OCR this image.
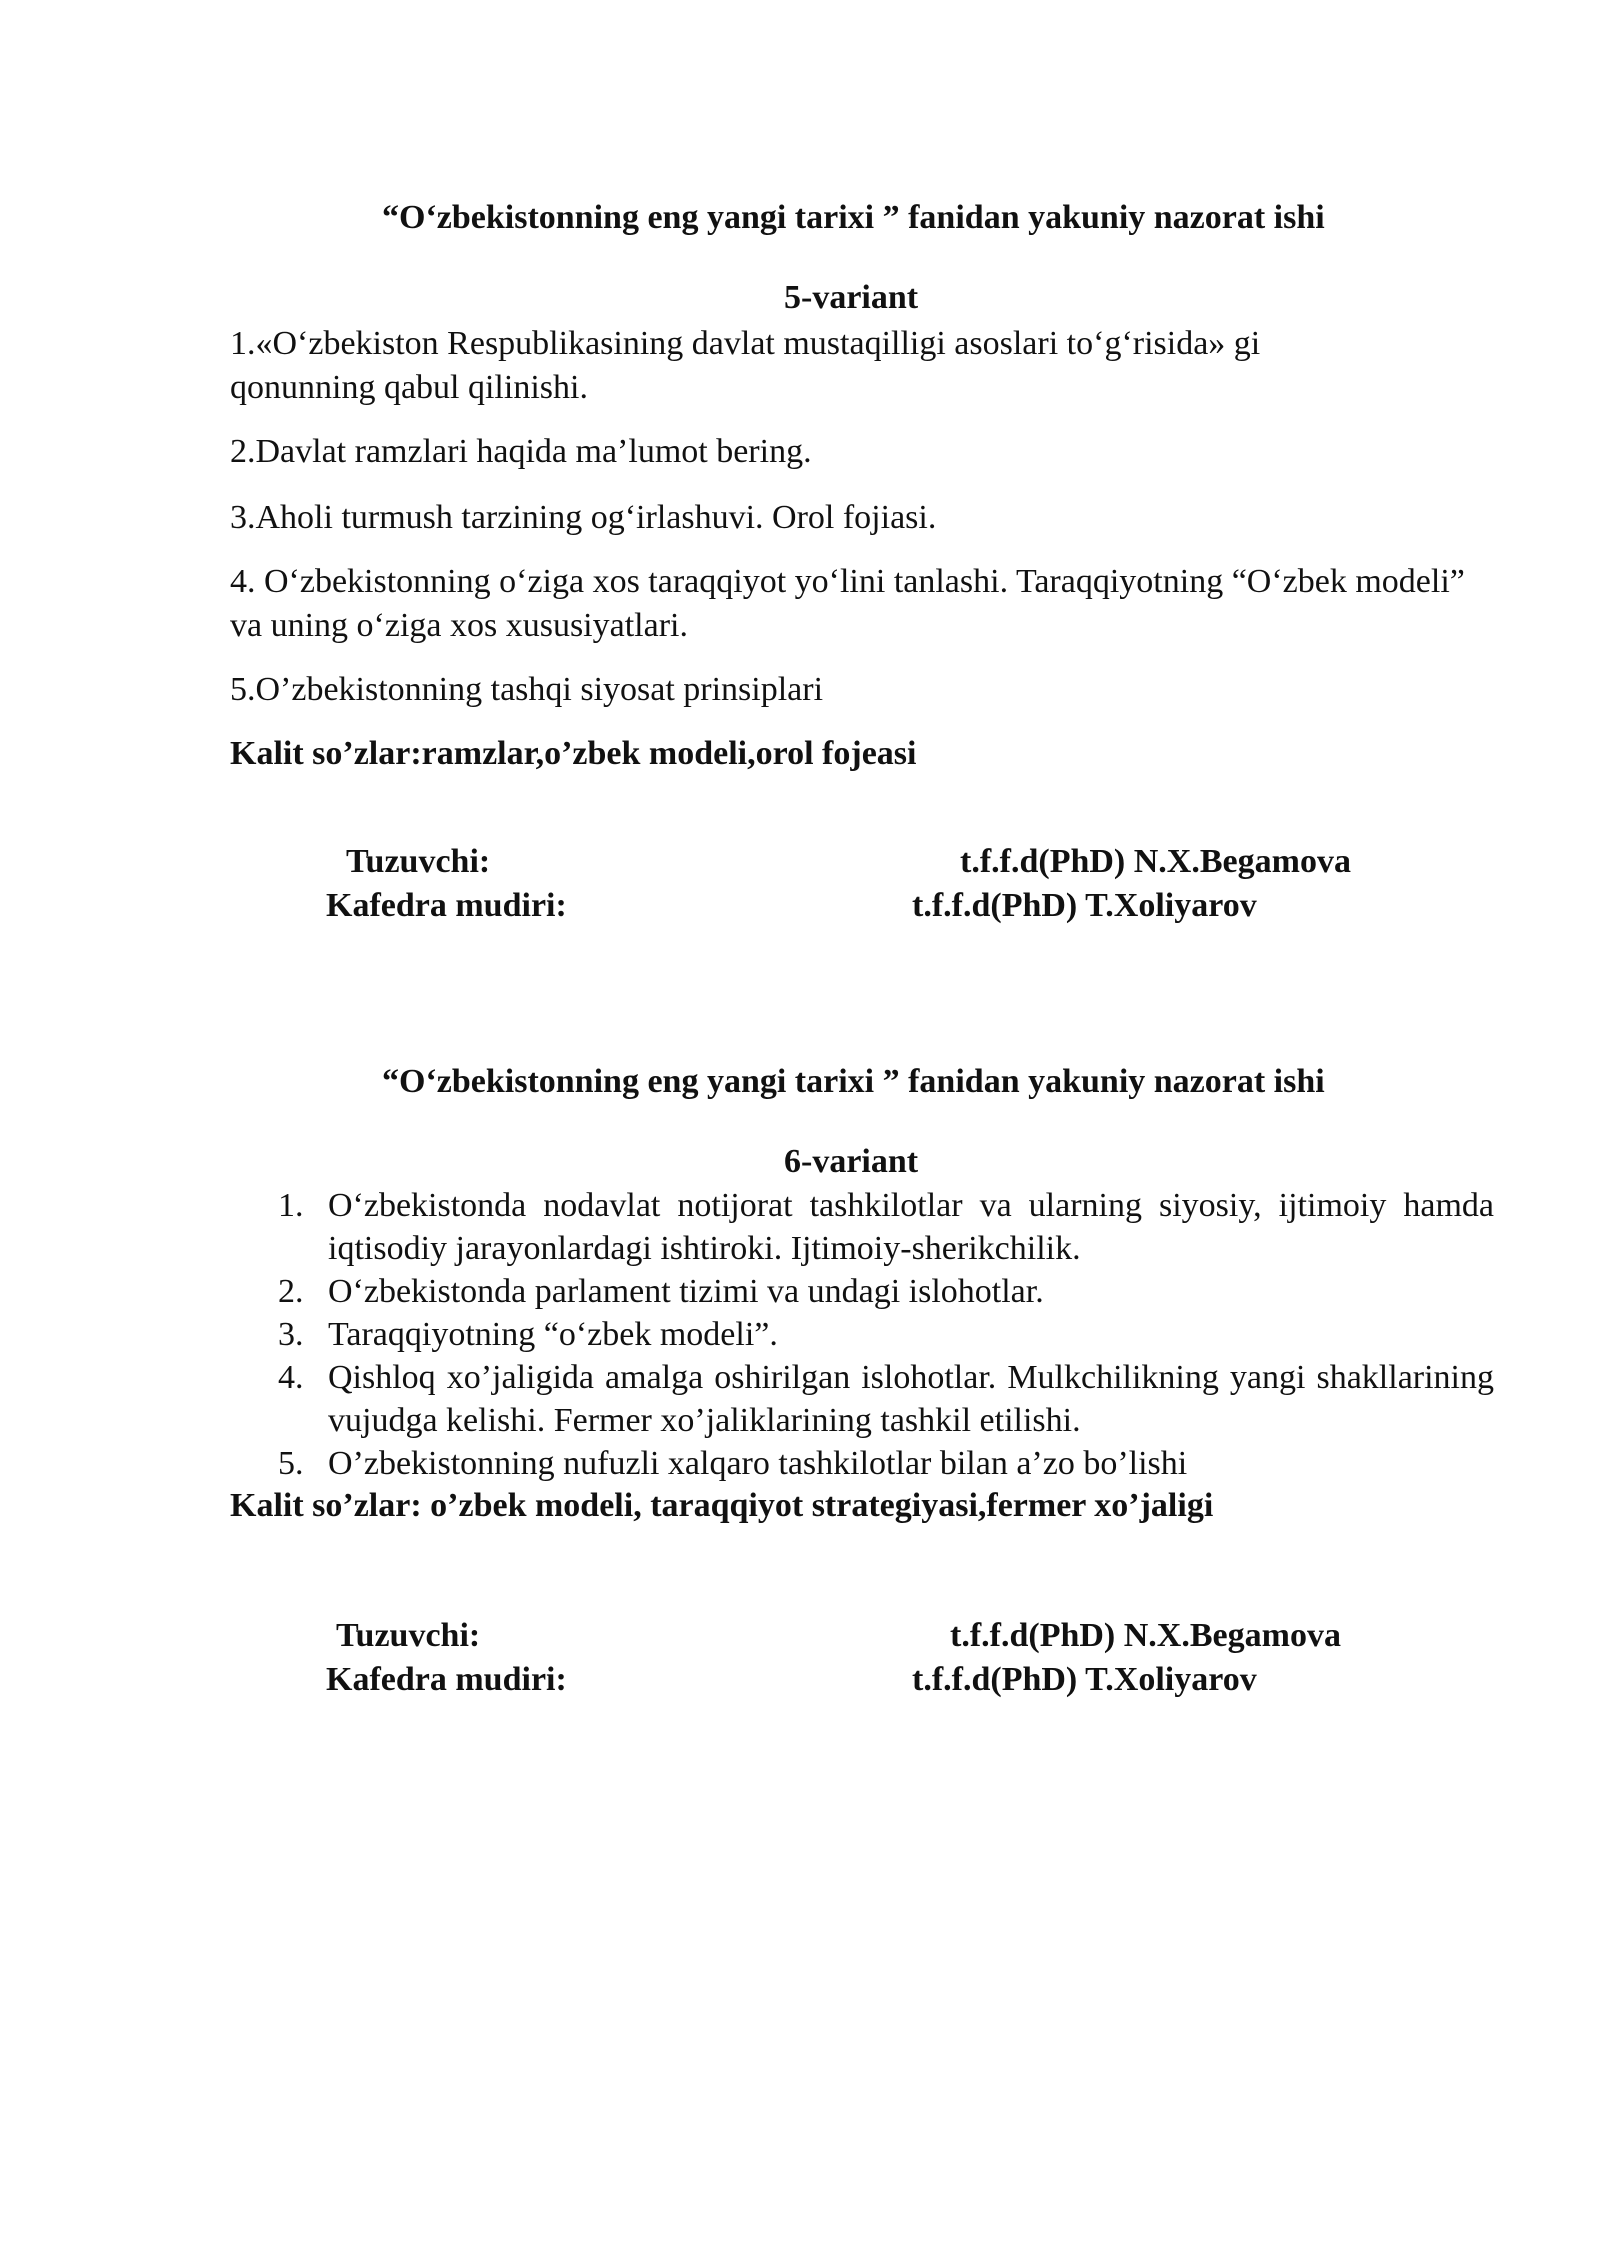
“O‘zbekistonning eng yangi tarixi ” fanidan yakuniy nazorat ishi
5-variant
1.«O‘zbekiston Respublikasining davlat mustaqilligi asoslari to‘g‘risida» gi qonunning qabul qilinishi.
2.Davlat ramzlari haqida ma’lumot bering.
3.Aholi turmush tarzining og‘irlashuvi. Orol fojiasi.
4. O‘zbekistonning o‘ziga xos taraqqiyot yo‘lini tanlashi. Taraqqiyotning “O‘zbek modeli” va uning o‘ziga xos xususiyatlari.
5.O’zbekistonning tashqi siyosat prinsiplari
Kalit so’zlar:ramzlar,o’zbek modeli,orol fojeasi
Tuzuvchi:	t.f.f.d(PhD) N.X.Begamova
Kafedra mudiri:	t.f.f.d(PhD) T.Xoliyarov
“O‘zbekistonning eng yangi tarixi ” fanidan yakuniy nazorat ishi
6-variant
1. O‘zbekistonda nodavlat notijorat tashkilotlar va ularning siyosiy, ijtimoiy hamda iqtisodiy jarayonlardagi ishtiroki. Ijtimoiy-sherikchilik.
2. O‘zbekistonda parlament tizimi va undagi islohotlar.
3. Taraqqiyotning “o‘zbek modeli”.
4. Qishloq xo’jaligida amalga oshirilgan islohotlar. Mulkchilikning yangi shakllarining vujudga kelishi. Fermer xo’jaliklarining tashkil etilishi.
5. O’zbekistonning nufuzli xalqaro tashkilotlar bilan a’zo bo’lishi
Kalit so’zlar: o’zbek modeli, taraqqiyot strategiyasi,fermer xo’jaligi
Tuzuvchi:	t.f.f.d(PhD) N.X.Begamova
Kafedra mudiri:	t.f.f.d(PhD) T.Xoliyarov
